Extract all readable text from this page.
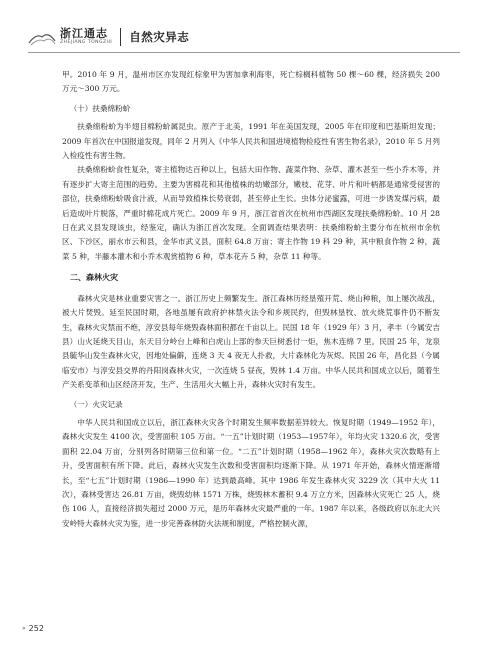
浙江通志
ZHEJIANG TONGZHI 自然灾异志

甲。2010 年 9 月，温州市区亦发现红棕象甲为害加拿利海枣，死亡棕榈科植物 50 棵～60 棵，经济损失 200 万元～300 万元。

（十）扶桑绵粉蚧

扶桑绵粉蚧为半翅目棉粉蚧属昆虫。原产于北美，1991 年在美国发现，2005 年在印度和巴基斯坦发现；2009 年首次在中国报道发现，同年 2 月列入《中华人民共和国进境植物检疫性有害生物名录》，2010 年 5 月列入检疫性有害生物。

扶桑绵粉蚧食性复杂，寄主植物达百种以上，包括大田作物、蔬菜作物、杂草、灌木甚至一些小乔木等，并有逐步扩大寄主范围的趋势。主要为害棉花和其他植株的幼嫩部分，嫩枝、花芽、叶片和叶柄都是通常受侵害的部位，扶桑绵粉蚧吸食汁液，从而导致植株长势衰弱，甚至停止生长。虫体分泌蜜露，可进一步诱发煤污病，最后造成叶片脱落，严重时棉花成片死亡。2009 年 9 月，浙江省首次在杭州市西湖区发现扶桑绵粉蚧。10 月 28 日在武义县发现该虫，经鉴定，确认为浙江首次发现。全面调查结果表明：扶桑绵粉蚧主要分布在杭州市余杭区、下沙区，丽水市云和县，金华市武义县，面积 64.8 万亩；寄主作物 19 科 29 种，其中粮食作物 2 种，蔬菜 5 种，半藤本灌木和小乔木观赏植物 6 种，草本花卉 5 种，杂草 11 种等。

二、森林火灾

森林火灾是林业重要灾害之一。浙江历史上频繁发生。浙江森林历经垦殖开荒、烧山种粮，加上屡次战乱，被大片焚毁。延至民国时期，各地虽屡有政府护林禁火法令和乡规民约，但毁林垦牧、放火烧荒事件仍不断发生，森林火灾禁而不绝，淳安县每年烧毁森林面积都在千亩以上。民国 18 年（1929 年）3 月，孝丰（今属安吉县）山火延烧天目山，东天目分岭台上峰和白虎山上部的参天巨树悉付一炬，焦木连绵 7 里。民国 25 年，龙泉县毓华山发生森林火灾，因地处偏僻，连烧 3 天 4 夜无人扑救，大片森林化为灰烬。民国 26 年，昌化县（今属临安市）与淳安县交界的丹阳岗森林火灾，一次连烧 5 昼夜，毁林 1.4 万亩。中华人民共和国成立以后，随着生产关系变革和山区经济开发，生产、生活用火大幅上升，森林火灾时有发生。

（一）火灾记录

中华人民共和国成立以后，浙江森林火灾各个时期发生频率数据差异较大。恢复时期（1949—1952 年），森林火灾发生 4100 次，受害面积 105 万亩。“一五”计划时期（1953—1957年），年均火灾 1320.6 次，受害面积 22.04 万亩，分别列各时期第三位和第一位。“二五”计划时期（1958—1962 年），森林火灾次数略有上升，受害面积有所下降。此后，森林火灾发生次数和受害面积均逐渐下降。从 1971 年开始，森林火情逐渐增长，至“七五”计划时期（1986—1990 年）达到最高峰。其中 1986 年发生森林火灾 3229 次（其中大火 11 次），森林受害达 26.81 万亩，烧毁幼林 1571 万株，烧毁林木蓄积 9.4 万立方米，因森林火灾死亡 25 人，烧伤 106 人，直接经济损失超过 2000 万元，是历年森林火灾最严重的一年。1987 年以来，各级政府以东北大兴安岭特大森林火灾为鉴，进一步完善森林防火法规和制度，严格控制火源，

» 252
